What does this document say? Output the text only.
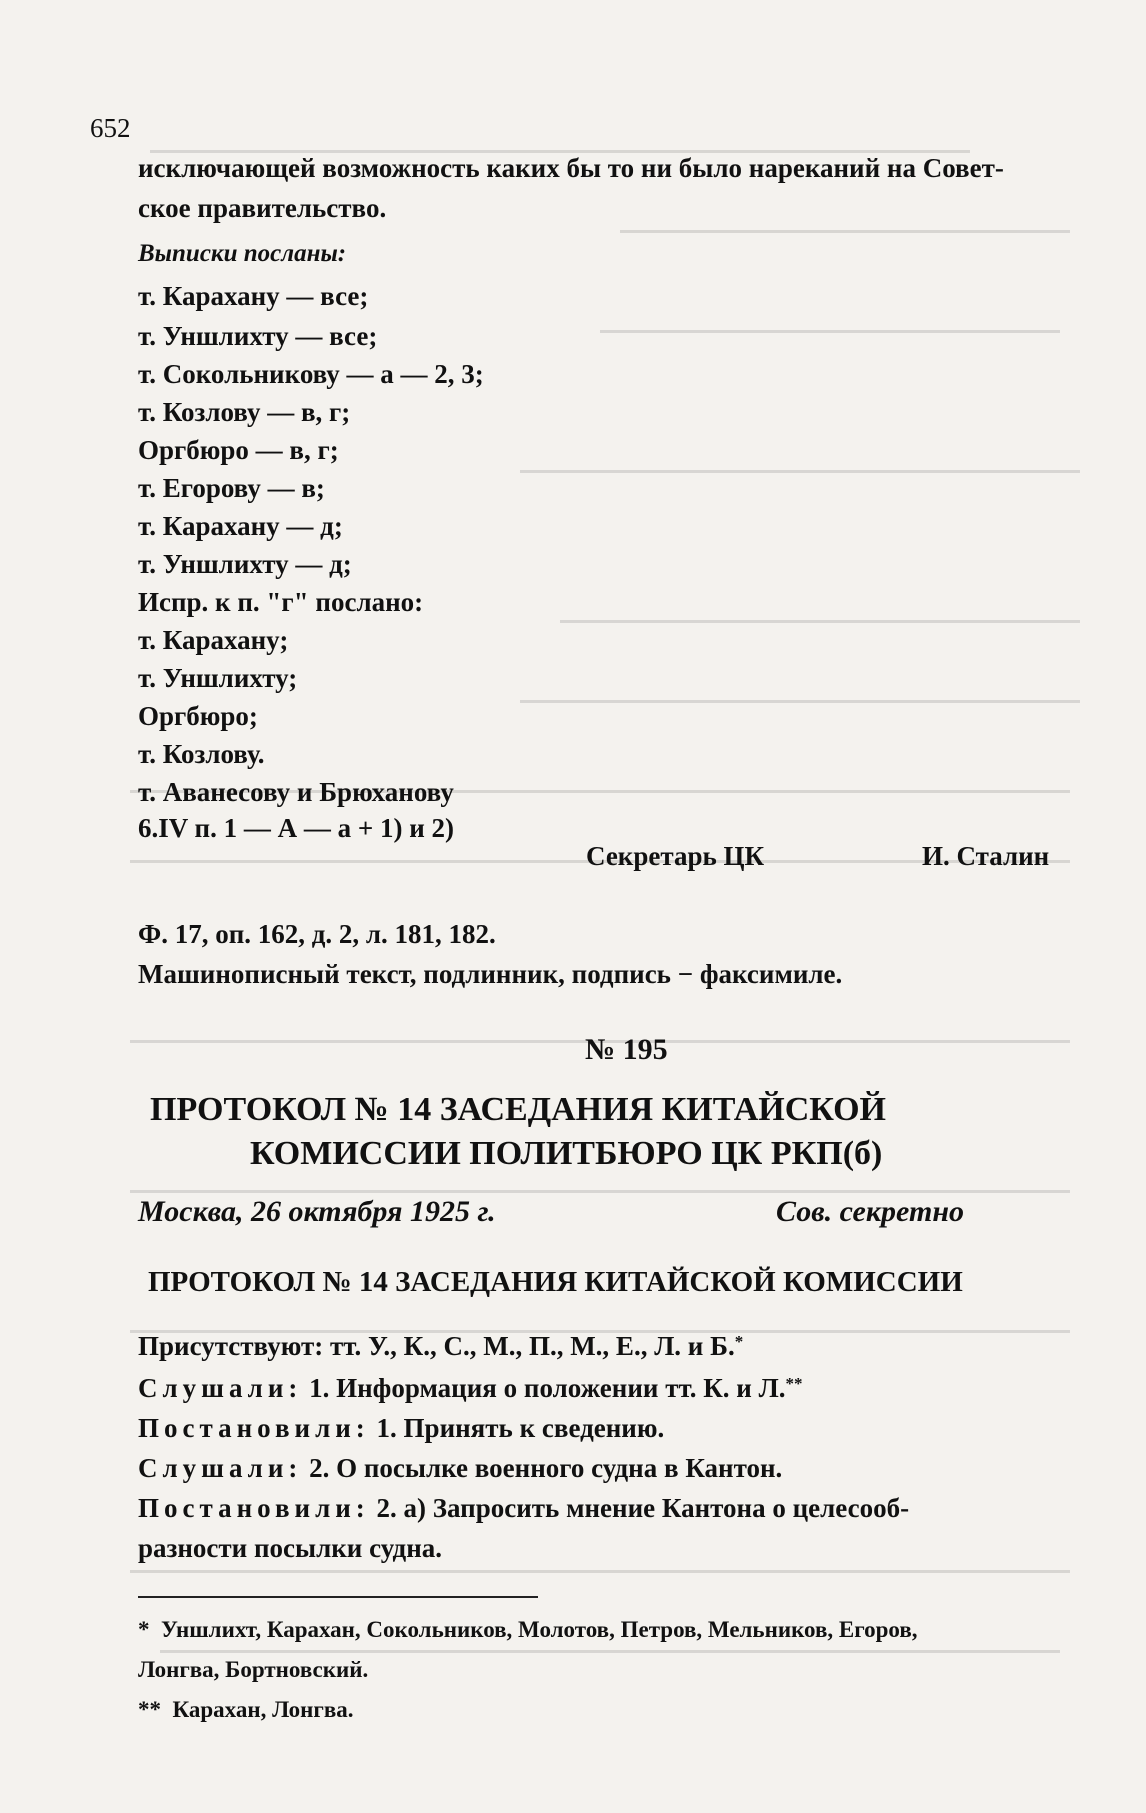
652
исключающей возможность каких бы то ни было нареканий на Совет-
ское правительство.
Выписки посланы:
т. Карахану — все;
т. Уншлихту — все;
т. Сокольникову — а — 2, 3;
т. Козлову — в, г;
Оргбюро — в, г;
т. Егорову — в;
т. Карахану — д;
т. Уншлихту — д;
Испр. к п. "г" послано:
т. Карахану;
т. Уншлихту;
Оргбюро;
т. Козлову.
т. Аванесову и Брюханову
6.IV п. 1 — А — а + 1) и 2)
Секретарь ЦК	И. Сталин
Ф. 17, оп. 162, д. 2, л. 181, 182.
Машинописный текст, подлинник, подпись − факсимиле.
№ 195
ПРОТОКОЛ № 14 ЗАСЕДАНИЯ КИТАЙСКОЙ
КОМИССИИ ПОЛИТБЮРО ЦК РКП(б)
Москва, 26 октября 1925 г.	Сов. секретно
ПРОТОКОЛ № 14 ЗАСЕДАНИЯ КИТАЙСКОЙ КОМИССИИ
Присутствуют: тт. У., К., С., М., П., М., Е., Л. и Б.*
Слушали: 1. Информация о положении тт. К. и Л.**
Постановили: 1. Принять к сведению.
Слушали: 2. О посылке военного судна в Кантон.
Постановили: 2. а) Запросить мнение Кантона о целесооб-
разности посылки судна.
* Уншлихт, Карахан, Сокольников, Молотов, Петров, Мельников, Егоров,
Лонгва, Бортновский.
** Карахан, Лонгва.
